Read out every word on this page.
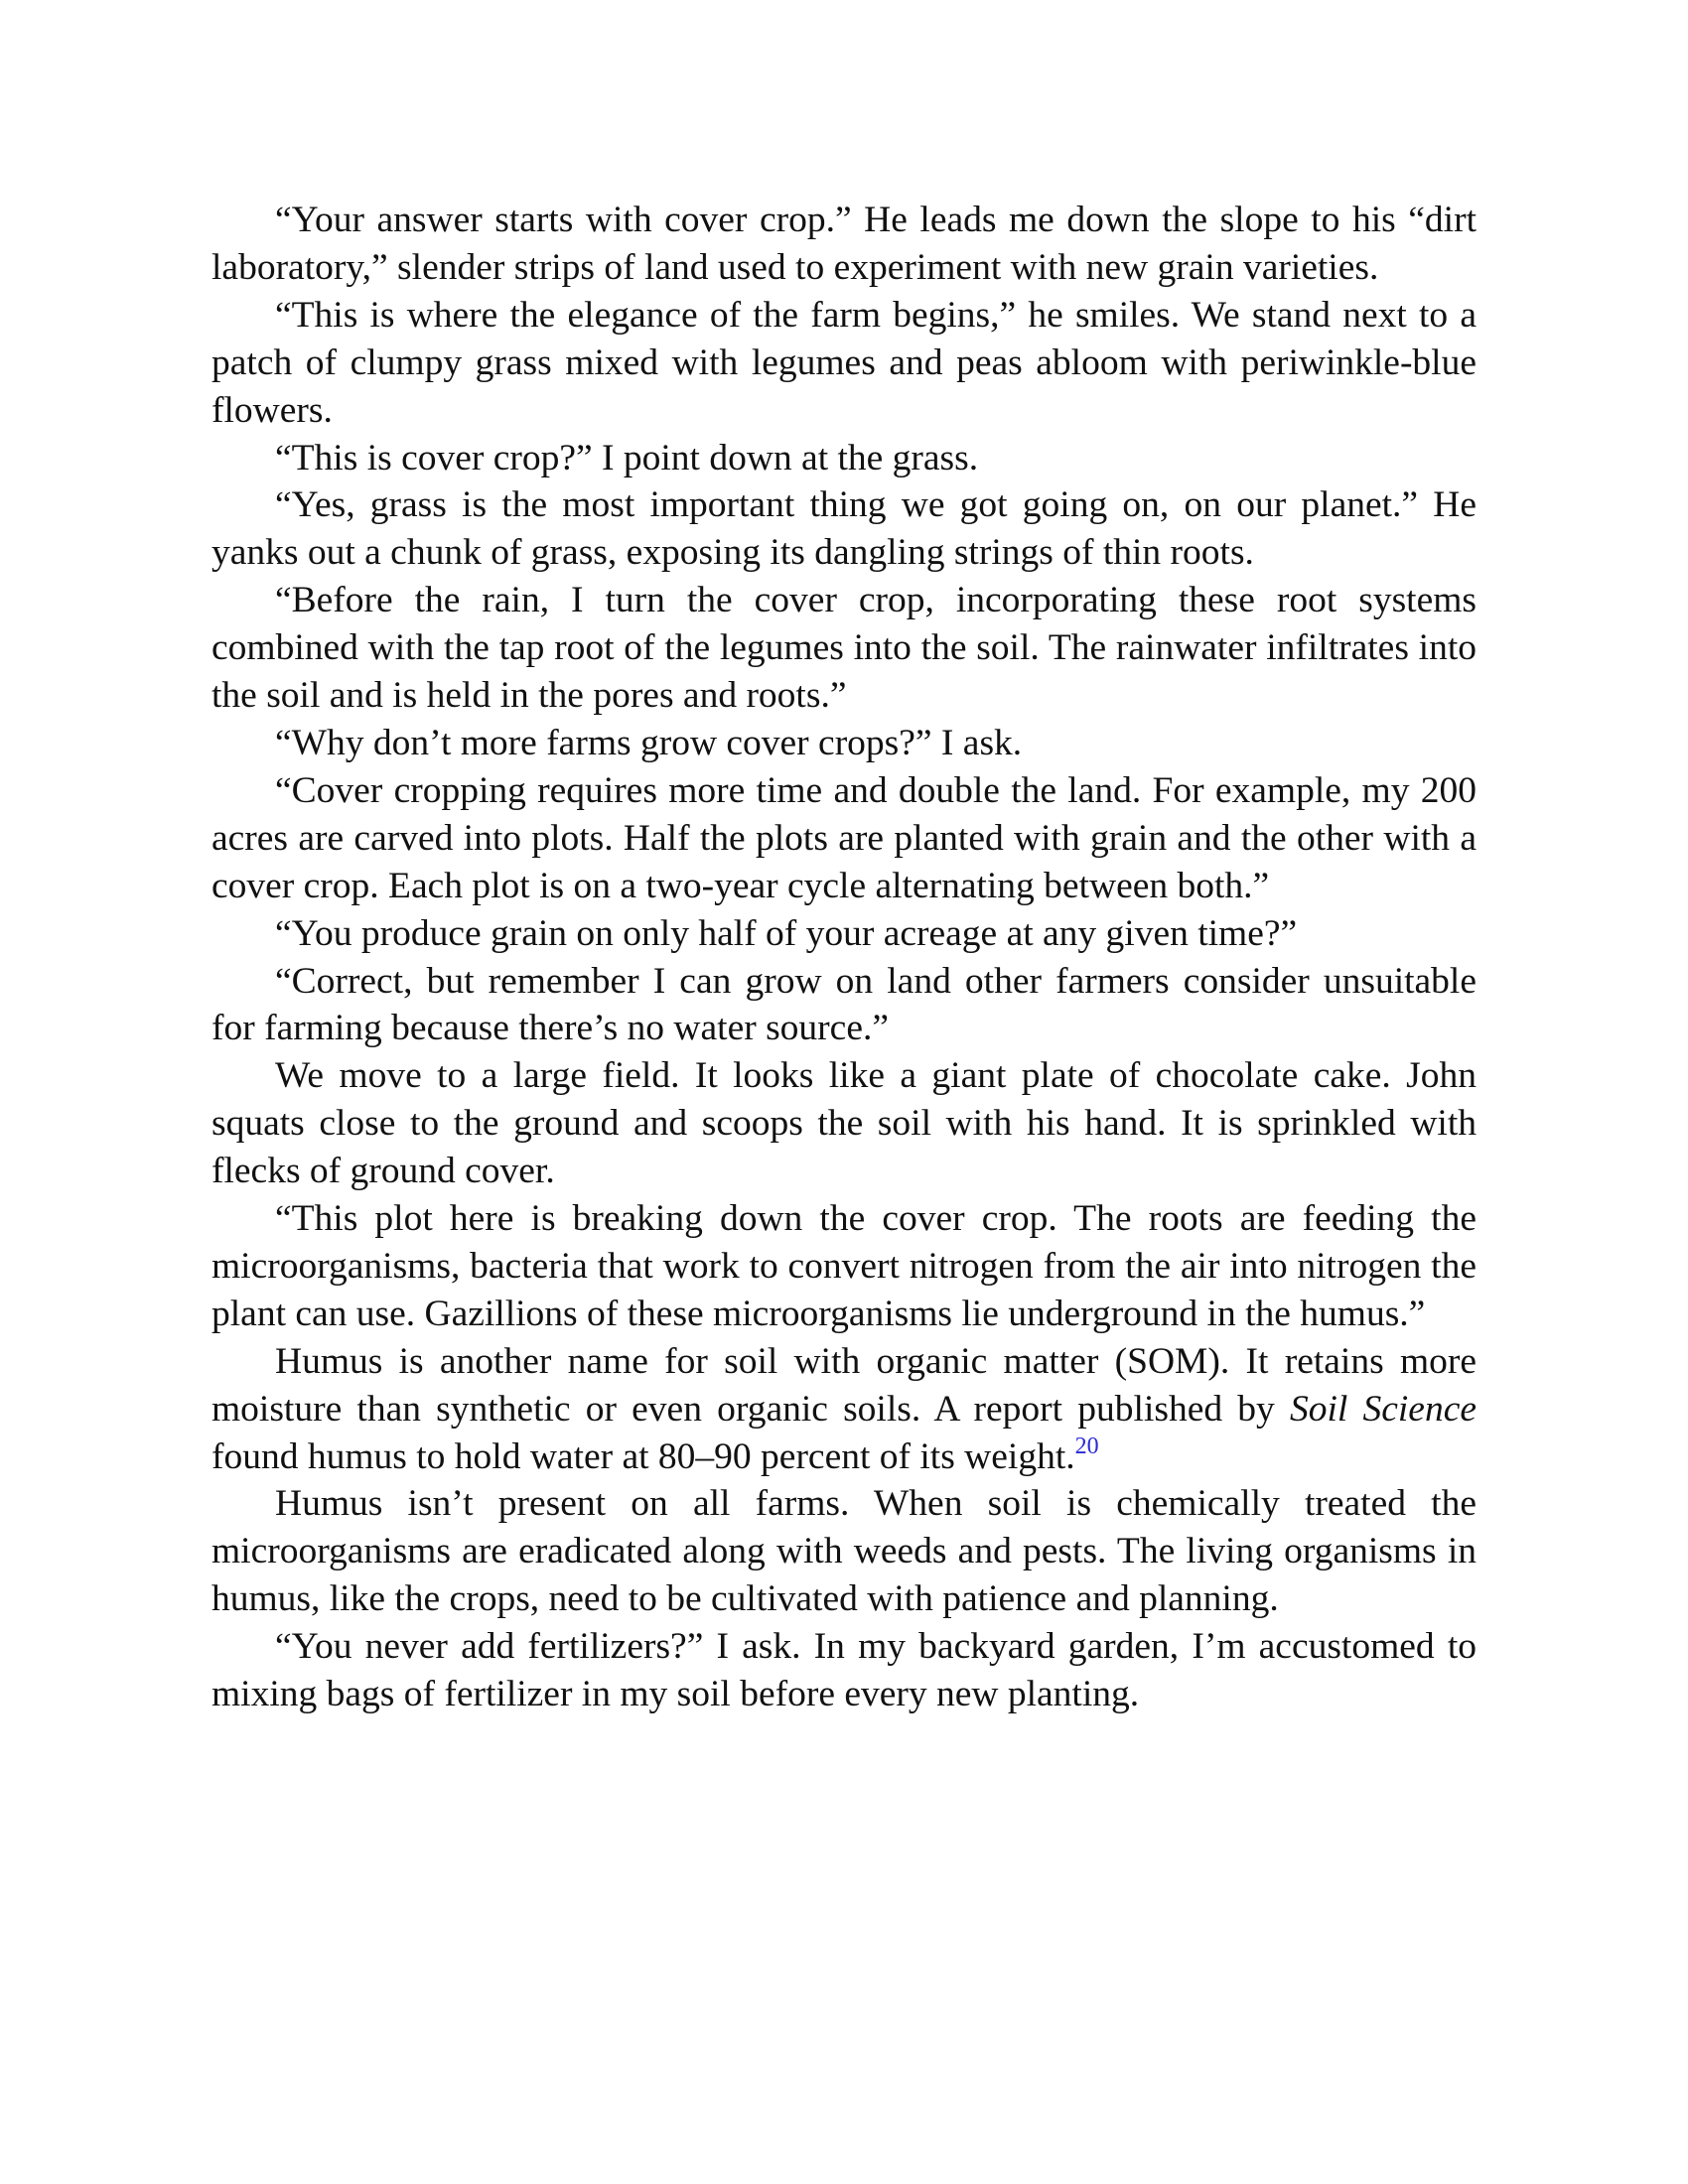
“Your answer starts with cover crop.” He leads me down the slope to his “dirt laboratory,” slender strips of land used to experiment with new grain varieties.

“This is where the elegance of the farm begins,” he smiles. We stand next to a patch of clumpy grass mixed with legumes and peas abloom with periwinkle-blue flowers.

“This is cover crop?” I point down at the grass.

“Yes, grass is the most important thing we got going on, on our planet.” He yanks out a chunk of grass, exposing its dangling strings of thin roots.

“Before the rain, I turn the cover crop, incorporating these root systems combined with the tap root of the legumes into the soil. The rainwater infiltrates into the soil and is held in the pores and roots.”

“Why don’t more farms grow cover crops?” I ask.

“Cover cropping requires more time and double the land. For example, my 200 acres are carved into plots. Half the plots are planted with grain and the other with a cover crop. Each plot is on a two-year cycle alternating between both.”

“You produce grain on only half of your acreage at any given time?”

“Correct, but remember I can grow on land other farmers consider unsuitable for farming because there’s no water source.”

We move to a large field. It looks like a giant plate of chocolate cake. John squats close to the ground and scoops the soil with his hand. It is sprinkled with flecks of ground cover.

“This plot here is breaking down the cover crop. The roots are feeding the microorganisms, bacteria that work to convert nitrogen from the air into nitrogen the plant can use. Gazillions of these microorganisms lie underground in the humus.”

Humus is another name for soil with organic matter (SOM). It retains more moisture than synthetic or even organic soils. A report published by Soil Science found humus to hold water at 80–90 percent of its weight.$^{20}$

Humus isn’t present on all farms. When soil is chemically treated the microorganisms are eradicated along with weeds and pests. The living organisms in humus, like the crops, need to be cultivated with patience and planning.

“You never add fertilizers?” I ask. In my backyard garden, I’m accustomed to mixing bags of fertilizer in my soil before every new planting.
